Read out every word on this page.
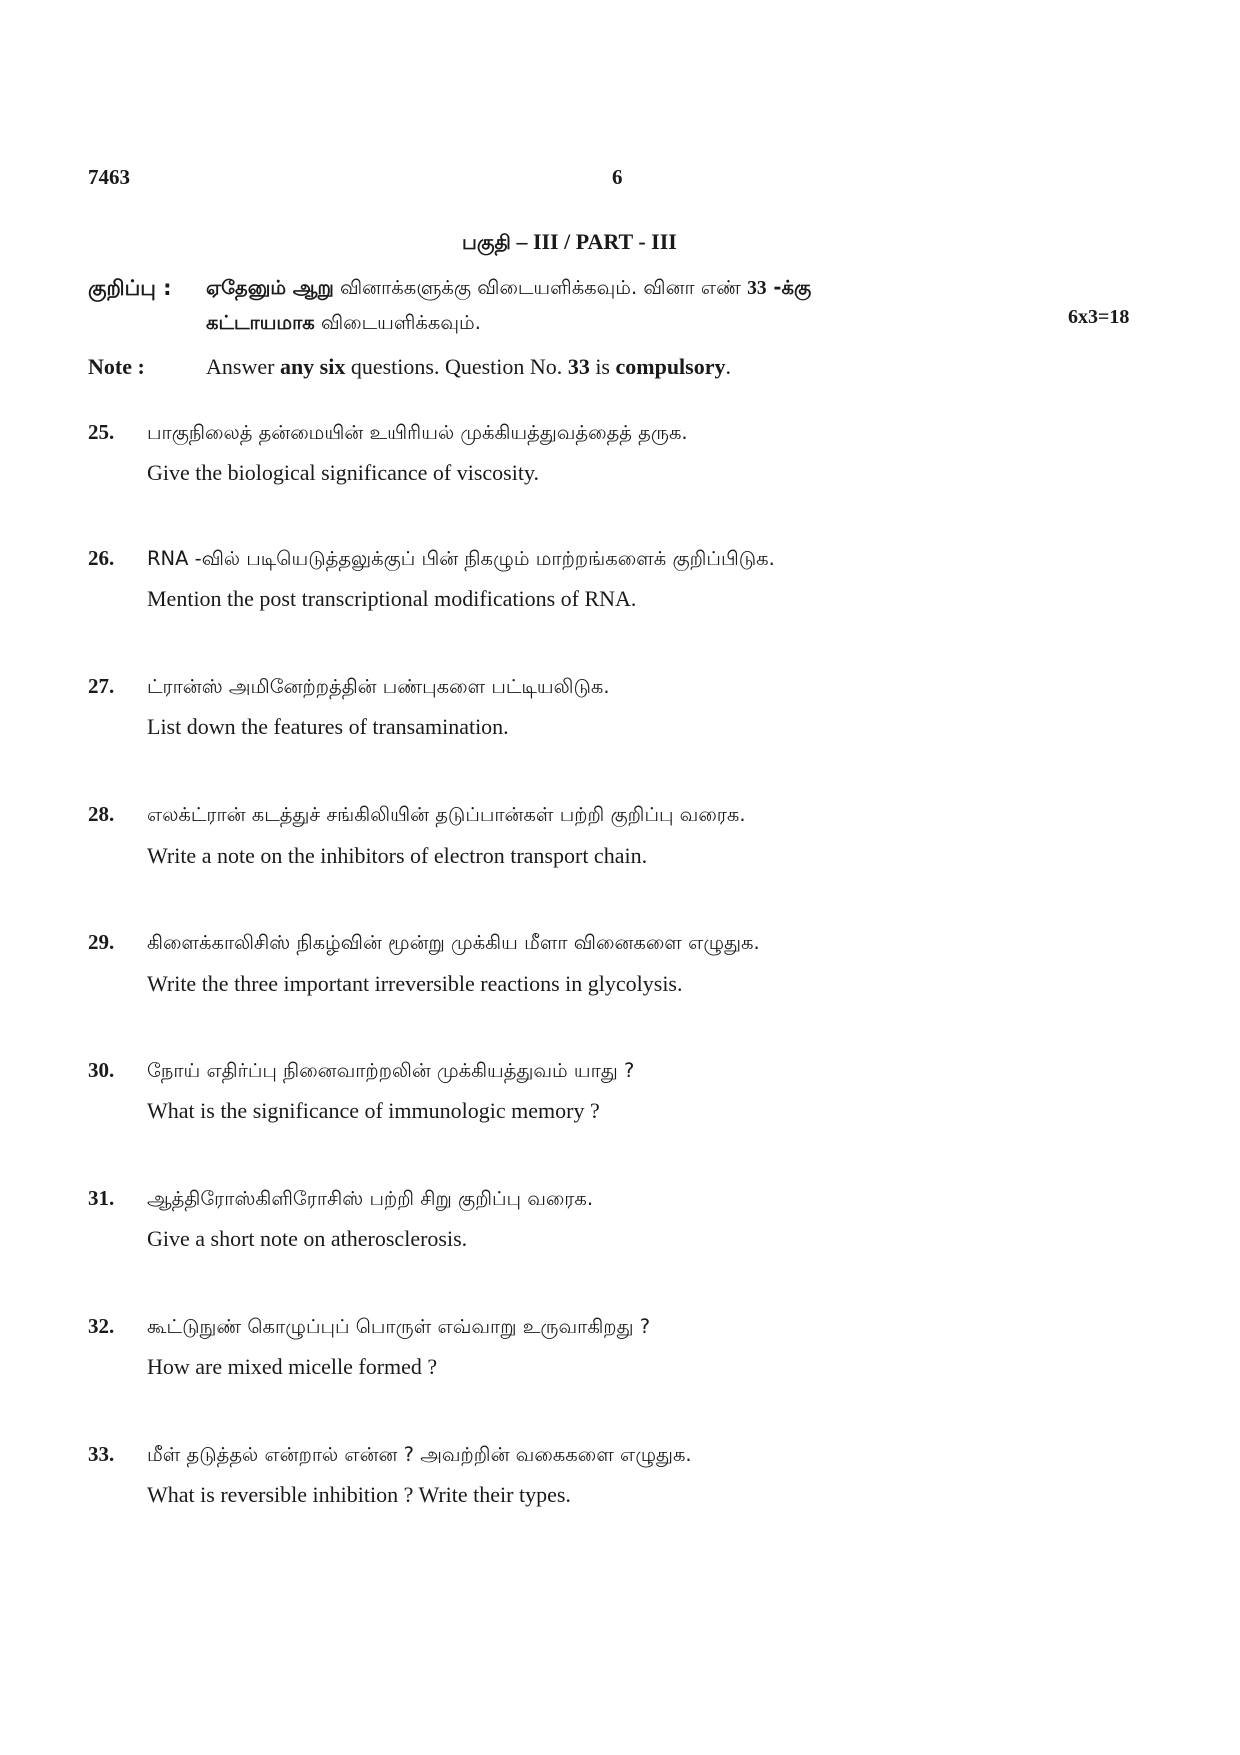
7463	6
பகுதி – III / PART - III
குறிப்பு : ஏதேனும் ஆறு வினாக்களுக்கு விடையளிக்கவும். வினா எண் 33 -க்கு
கட்டாயமாக விடையளிக்கவும்.	6x3=18
Note :	Answer any six questions. Question No. 33 is compulsory.
25. பாகுநிலைத் தன்மையின் உயிரியல் முக்கியத்துவத்தைத் தருக.
Give the biological significance of viscosity.
26. RNA -வில் படியெடுத்தலுக்குப் பின் நிகழும் மாற்றங்களைக் குறிப்பிடுக.
Mention the post transcriptional modifications of RNA.
27. ட்ரான்ஸ் அமினேற்றத்தின் பண்புகளை பட்டியலிடுக.
List down the features of transamination.
28. எலக்ட்ரான் கடத்துச் சங்கிலியின் தடுப்பான்கள் பற்றி குறிப்பு வரைக.
Write a note on the inhibitors of electron transport chain.
29. கிளைக்காலிசிஸ் நிகழ்வின் மூன்று முக்கிய மீளா வினைகளை எழுதுக.
Write the three important irreversible reactions in glycolysis.
30. நோய் எதிர்ப்பு நினைவாற்றலின் முக்கியத்துவம் யாது ?
What is the significance of immunologic memory ?
31. ஆத்திரோஸ்கிளிரோசிஸ் பற்றி சிறு குறிப்பு வரைக.
Give a short note on atherosclerosis.
32. கூட்டுநுண் கொழுப்புப் பொருள் எவ்வாறு உருவாகிறது ?
How are mixed micelle formed ?
33. மீள் தடுத்தல் என்றால் என்ன ? அவற்றின் வகைகளை எழுதுக.
What is reversible inhibition ? Write their types.
